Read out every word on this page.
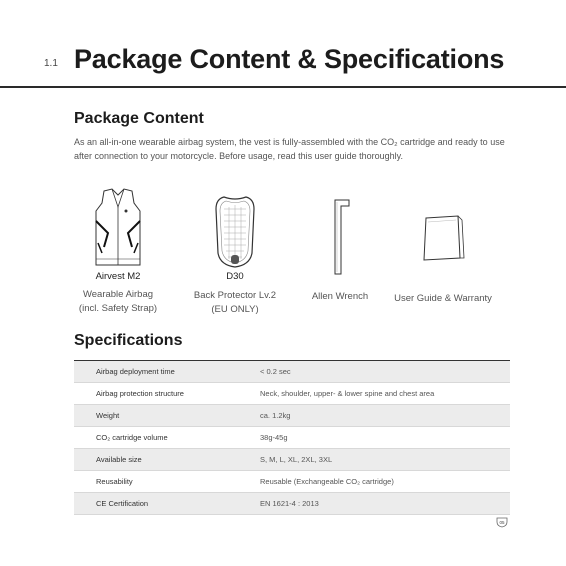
1.1 Package Content & Specifications
Package Content
As an all-in-one wearable airbag system, the vest is fully-assembled with the CO₂ cartridge and ready to use after connection to your motorcycle. Before usage, read this user guide thoroughly.
Airvest M2
Wearable Airbag
(incl. Safety Strap)
D30
Back Protector Lv.2
(EU ONLY)
Allen Wrench	User Guide & Warranty
Specifications
Airbag deployment time	< 0.2 sec
Airbag protection structure	Neck, shoulder, upper- & lower spine and chest area
Weight	ca. 1.2kg
CO₂ cartridge volume	38g-45g
Available size	S, M, L, XL, 2XL, 3XL
Reusability	Reusable (Exchangeable CO₂ cartridge)
CE Certification	EN 1621-4 : 2013
05
